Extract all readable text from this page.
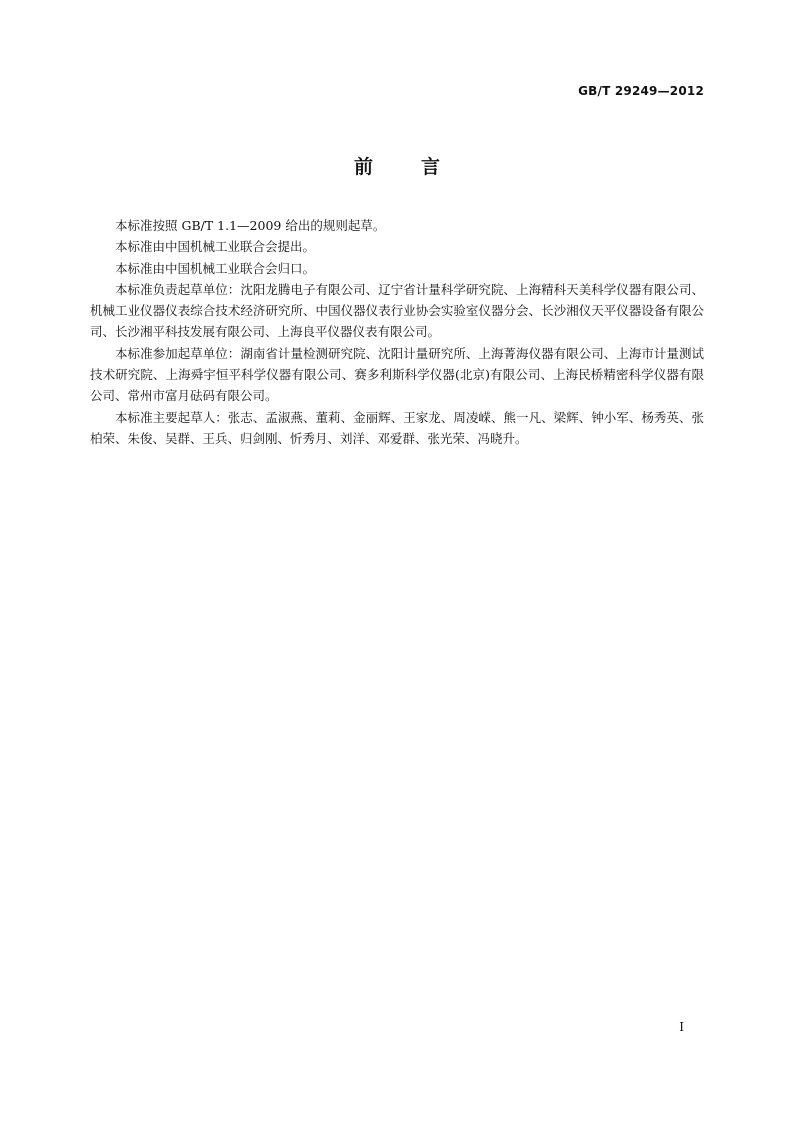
GB/T 29249—2012
前言

本标准按照 GB/T 1.1—2009 给出的规则起草。

本标准由中国机械工业联合会提出。

本标准由中国机械工业联合会归口。

本标准负责起草单位：沈阳龙腾电子有限公司、辽宁省计量科学研究院、上海精科天美科学仪器有限公司、机械工业仪器仪表综合技术经济研究所、中国仪器仪表行业协会实验室仪器分会、长沙湘仪天平仪器设备有限公司、长沙湘平科技发展有限公司、上海良平仪器仪表有限公司。

本标准参加起草单位：湖南省计量检测研究院、沈阳计量研究所、上海菁海仪器有限公司、上海市计量测试技术研究院、上海舜宇恒平科学仪器有限公司、赛多利斯科学仪器(北京)有限公司、上海民桥精密科学仪器有限公司、常州市富月砝码有限公司。

本标准主要起草人：张志、孟淑燕、董莉、金丽辉、王家龙、周凌嵘、熊一凡、梁辉、钟小军、杨秀英、张柏荣、朱俊、吴群、王兵、归剑刚、忻秀月、刘洋、邓爱群、张光荣、冯晓升。

I
